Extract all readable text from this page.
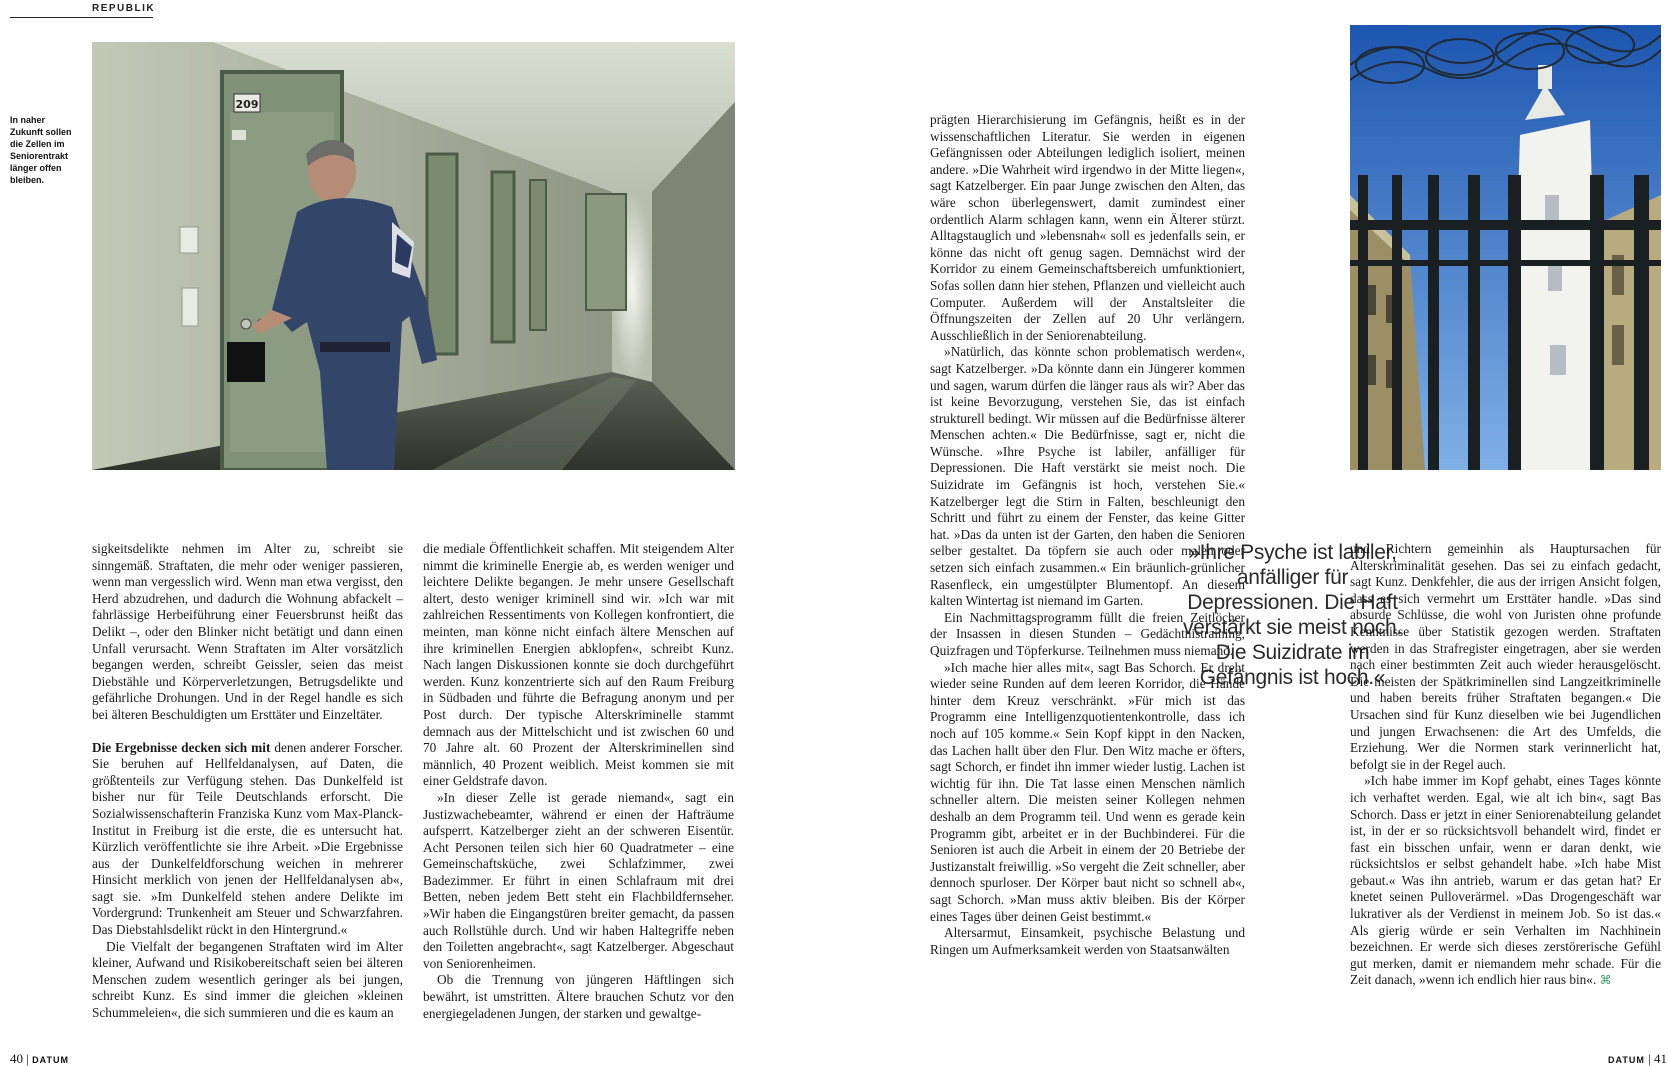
REPUBLIK
In naher Zukunft sollen die Zellen im Seniorentrakt länger offen bleiben.
209

sigkeitsdelikte nehmen im Alter zu, schreibt sie sinngemäß. Straftaten, die mehr oder weniger passieren, wenn man vergesslich wird. Wenn man etwa vergisst, den Herd abzudrehen, und dadurch die Wohnung abfackelt – fahrlässige Herbeiführung einer Feuersbrunst heißt das Delikt –, oder den Blinker nicht betätigt und dann einen Unfall verursacht. Wenn Straftaten im Alter vorsätzlich begangen werden, schreibt Geissler, seien das meist Diebstähle und Körperverletzungen, Betrugsdelikte und gefährliche Drohungen. Und in der Regel handle es sich bei älteren Beschuldigten um Ersttäter und Einzeltäter.

Die Ergebnisse decken sich mit denen anderer Forscher. Sie beruhen auf Hellfeldanalysen, auf Daten, die größtenteils zur Verfügung stehen. Das Dunkelfeld ist bisher nur für Teile Deutschlands erforscht. Die Sozialwissenschafterin Franziska Kunz vom Max-Planck-Institut in Freiburg ist die erste, die es untersucht hat. Kürzlich veröffentlichte sie ihre Arbeit. »Die Ergebnisse aus der Dunkelfeldforschung weichen in mehrerer Hinsicht merklich von jenen der Hellfeldanalysen ab«, sagt sie. »Im Dunkelfeld stehen andere Delikte im Vordergrund: Trunkenheit am Steuer und Schwarzfahren. Das Diebstahlsdelikt rückt in den Hintergrund.«

Die Vielfalt der begangenen Straftaten wird im Alter kleiner, Aufwand und Risikobereitschaft seien bei älteren Menschen zudem wesentlich geringer als bei jungen, schreibt Kunz. Es sind immer die gleichen »kleinen Schummeleien«, die sich summieren und die es kaum an

die mediale Öffentlichkeit schaffen. Mit steigendem Alter nimmt die kriminelle Energie ab, es werden weniger und leichtere Delikte begangen. Je mehr unsere Gesellschaft altert, desto weniger kriminell sind wir. »Ich war mit zahlreichen Ressentiments von Kollegen konfrontiert, die meinten, man könne nicht einfach ältere Menschen auf ihre kriminellen Energien abklopfen«, schreibt Kunz. Nach langen Diskussionen konnte sie doch durchgeführt werden. Kunz konzentrierte sich auf den Raum Freiburg in Südbaden und führte die Befragung anonym und per Post durch. Der typische Alterskriminelle stammt demnach aus der Mittelschicht und ist zwischen 60 und 70 Jahre alt. 60 Prozent der Alterskriminellen sind männlich, 40 Prozent weiblich. Meist kommen sie mit einer Geldstrafe davon.

»In dieser Zelle ist gerade niemand«, sagt ein Justizwachebeamter, während er einen der Hafträume aufsperrt. Katzelberger zieht an der schweren Eisentür. Acht Personen teilen sich hier 60 Quadratmeter – eine Gemeinschaftsküche, zwei Schlafzimmer, zwei Badezimmer. Er führt in einen Schlafraum mit drei Betten, neben jedem Bett steht ein Flachbildfernseher. »Wir haben die Eingangstüren breiter gemacht, da passen auch Rollstühle durch. Und wir haben Haltegriffe neben den Toiletten angebracht«, sagt Katzelberger. Abgeschaut von Seniorenheimen.

Ob die Trennung von jüngeren Häftlingen sich bewährt, ist umstritten. Ältere brauchen Schutz vor den energiegeladenen Jungen, der starken und gewaltge-

prägten Hierarchisierung im Gefängnis, heißt es in der wissenschaftlichen Literatur. Sie werden in eigenen Gefängnissen oder Abteilungen lediglich isoliert, meinen andere. »Die Wahrheit wird irgendwo in der Mitte liegen«, sagt Katzelberger. Ein paar Junge zwischen den Alten, das wäre schon überlegenswert, damit zumindest einer ordentlich Alarm schlagen kann, wenn ein Älterer stürzt. Alltagstauglich und »lebensnah« soll es jedenfalls sein, er könne das nicht oft genug sagen. Demnächst wird der Korridor zu einem Gemeinschaftsbereich umfunktioniert, Sofas sollen dann hier stehen, Pflanzen und vielleicht auch Computer. Außerdem will der Anstaltsleiter die Öffnungszeiten der Zellen auf 20 Uhr verlängern. Ausschließlich in der Seniorenabteilung.

»Natürlich, das könnte schon problematisch werden«, sagt Katzelberger. »Da könnte dann ein Jüngerer kommen und sagen, warum dürfen die länger raus als wir? Aber das ist keine Bevorzugung, verstehen Sie, das ist einfach strukturell bedingt. Wir müssen auf die Bedürfnisse älterer Menschen achten.« Die Bedürfnisse, sagt er, nicht die Wünsche. »Ihre Psyche ist labiler, anfälliger für Depressionen. Die Haft verstärkt sie meist noch. Die Suizidrate im Gefängnis ist hoch, verstehen Sie.« Katzelberger legt die Stirn in Falten, beschleunigt den Schritt und führt zu einem der Fenster, das keine Gitter hat. »Das da unten ist der Garten, den haben die Senioren selber gestaltet. Da töpfern sie auch oder malen oder setzen sich einfach zusammen.« Ein bräunlich-grünlicher Rasenfleck, ein umgestülpter Blumentopf. An diesem kalten Wintertag ist niemand im Garten.

Ein Nachmittagsprogramm füllt die freien Zeitlöcher der Insassen in diesen Stunden – Gedächtnistraining, Quizfragen und Töpferkurse. Teilnehmen muss niemand.

»Ich mache hier alles mit«, sagt Bas Schorch. Er dreht wieder seine Runden auf dem leeren Korridor, die Hände hinter dem Kreuz verschränkt. »Für mich ist das Programm eine Intelligenzquotientenkontrolle, dass ich noch auf 105 komme.« Sein Kopf kippt in den Nacken, das Lachen hallt über den Flur. Den Witz mache er öfters, sagt Schorch, er findet ihn immer wieder lustig. Lachen ist wichtig für ihn. Die Tat lasse einen Menschen nämlich schneller altern. Die meisten seiner Kollegen nehmen deshalb an dem Programm teil. Und wenn es gerade kein Programm gibt, arbeitet er in der Buchbinderei. Für die Senioren ist auch die Arbeit in einem der 20 Betriebe der Justizanstalt freiwillig. »So vergeht die Zeit schneller, aber dennoch spurloser. Der Körper baut nicht so schnell ab«, sagt Schorch. »Man muss aktiv bleiben. Bis der Körper eines Tages über deinen Geist bestimmt.«

Altersarmut, Einsamkeit, psychische Belastung und Ringen um Aufmerksamkeit werden von Staatsanwälten

»Ihre Psyche ist labiler, anfälliger für Depressionen. Die Haft verstärkt sie meist noch. Die Suizidrate im Gefängnis ist hoch.«

und Richtern gemeinhin als Hauptursachen für Alterskriminalität gesehen. Das sei zu einfach gedacht, sagt Kunz. Denkfehler, die aus der irrigen Ansicht folgen, dass es sich vermehrt um Ersttäter handle. »Das sind absurde Schlüsse, die wohl von Juristen ohne profunde Kenntnisse über Statistik gezogen werden. Straftaten werden in das Strafregister eingetragen, aber sie werden nach einer bestimmten Zeit auch wieder herausgelöscht. Die meisten der Spätkriminellen sind Langzeitkriminelle und haben bereits früher Straftaten begangen.« Die Ursachen sind für Kunz dieselben wie bei Jugendlichen und jungen Erwachsenen: die Art des Umfelds, die Erziehung. Wer die Normen stark verinnerlicht hat, befolgt sie in der Regel auch.

»Ich habe immer im Kopf gehabt, eines Tages könnte ich verhaftet werden. Egal, wie alt ich bin«, sagt Bas Schorch. Dass er jetzt in einer Seniorenabteilung gelandet ist, in der er so rücksichtsvoll behandelt wird, findet er fast ein bisschen unfair, wenn er daran denkt, wie rücksichtslos er selbst gehandelt habe. »Ich habe Mist gebaut.« Was ihn antrieb, warum er das getan hat? Er knetet seinen Pulloverärmel. »Das Drogengeschäft war lukrativer als der Verdienst in meinem Job. So ist das.« Als gierig würde er sein Verhalten im Nachhinein bezeichnen. Er werde sich dieses zerstörerische Gefühl gut merken, damit er niemandem mehr schade. Für die Zeit danach, »wenn ich endlich hier raus bin«. ⌘

40 | DATUM	DATUM | 41
